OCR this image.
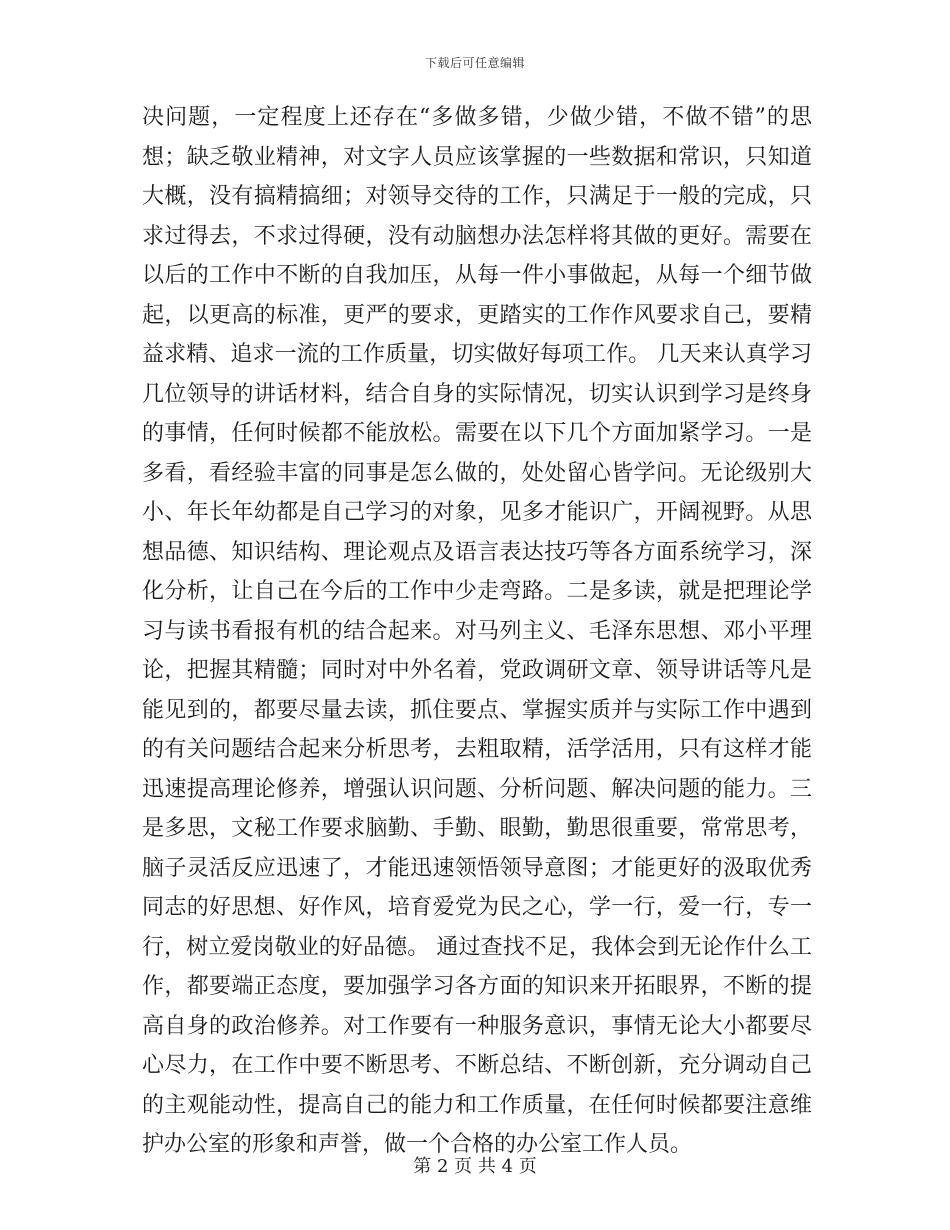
下载后可任意编辑
决问题，一定程度上还存在“多做多错，少做少错，不做不错”的思
想；缺乏敬业精神，对文字人员应该掌握的一些数据和常识，只知道
大概，没有搞精搞细；对领导交待的工作，只满足于一般的完成，只
求过得去，不求过得硬，没有动脑想办法怎样将其做的更好。需要在
以后的工作中不断的自我加压，从每一件小事做起，从每一个细节做
起，以更高的标准，更严的要求，更踏实的工作作风要求自己，要精
益求精、追求一流的工作质量，切实做好每项工作。 几天来认真学习
几位领导的讲话材料，结合自身的实际情况，切实认识到学习是终身
的事情，任何时候都不能放松。需要在以下几个方面加紧学习。一是
多看，看经验丰富的同事是怎么做的，处处留心皆学问。无论级别大
小、年长年幼都是自己学习的对象，见多才能识广，开阔视野。从思
想品德、知识结构、理论观点及语言表达技巧等各方面系统学习，深
化分析，让自己在今后的工作中少走弯路。二是多读，就是把理论学
习与读书看报有机的结合起来。对马列主义、毛泽东思想、邓小平理
论，把握其精髓；同时对中外名着，党政调研文章、领导讲话等凡是
能见到的，都要尽量去读，抓住要点、掌握实质并与实际工作中遇到
的有关问题结合起来分析思考，去粗取精，活学活用，只有这样才能
迅速提高理论修养，增强认识问题、分析问题、解决问题的能力。三
是多思，文秘工作要求脑勤、手勤、眼勤，勤思很重要，常常思考，
脑子灵活反应迅速了，才能迅速领悟领导意图；才能更好的汲取优秀
同志的好思想、好作风，培育爱党为民之心，学一行，爱一行，专一
行，树立爱岗敬业的好品德。 通过查找不足，我体会到无论作什么工
作，都要端正态度，要加强学习各方面的知识来开拓眼界，不断的提
高自身的政治修养。对工作要有一种服务意识，事情无论大小都要尽
心尽力，在工作中要不断思考、不断总结、不断创新，充分调动自己
的主观能动性，提高自己的能力和工作质量，在任何时候都要注意维
护办公室的形象和声誉，做一个合格的办公室工作人员。
第 2 页 共 4 页
